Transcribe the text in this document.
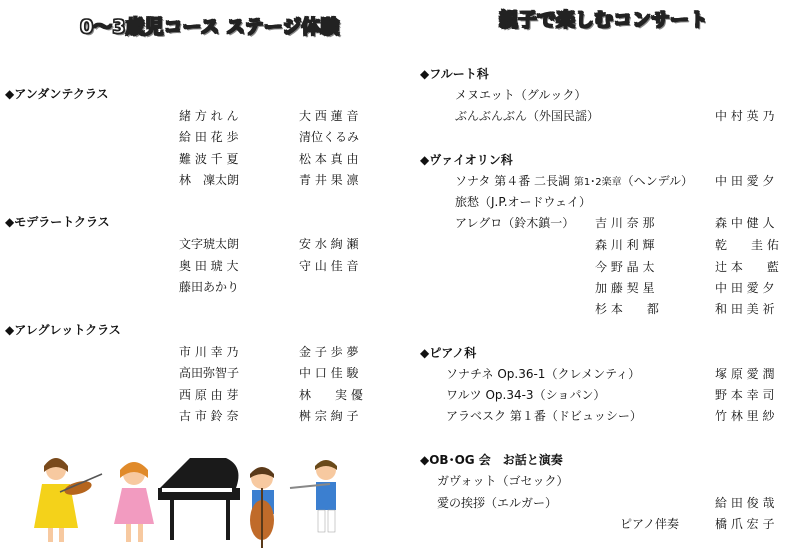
0～3歳児コース ステージ体験
◆アンダンテクラス
緒 方 れ ん	大 西 蓮 音
給 田 花 歩	清位くるみ
難 波 千 夏	松 本 真 由
林　凜太朗	青 井 果 凛
◆モデラートクラス
文字琥太朗	安 水 絢 瀬
奥 田 琥 大	守 山 佳 音
藤田あかり
◆アレグレットクラス
市 川 幸 乃	金 子 歩 夢
高田弥智子	中 口 佳 駿
西 原 由 芽	林　　実 優
古 市 鈴 奈	桝 宗 絢 子
親子で楽しむコンサート
◆フルート科
メヌエット（グルック）
ぶんぶんぶん（外国民謡）	中 村 英 乃
◆ヴァイオリン科
ソナタ 第４番 二長調 第1･2楽章（ヘンデル） 中 田 愛 夕
旅愁（J.P.オードウェイ）
アレグロ（鈴木鎮一） 吉 川 奈 那	森 中 健 人
森 川 利 輝	乾　　圭 佑
今 野 晶 太	辻 本　　藍
加 藤 契 星	中 田 愛 夕
杉 本　　都	和 田 美 祈
◆ピアノ科
ソナチネ Op.36-1（クレメンティ）	塚 原 愛 潤
ワルツ Op.34-3（ショパン）	野 本 幸 司
アラベスク 第１番（ドビュッシー）	竹 林 里 紗
◆OB･OG 会　お話と演奏
ガヴォット（ゴセック）
愛の挨拶（エルガー）	給 田 俊 哉
ピアノ伴奏	橋 爪 宏 子
